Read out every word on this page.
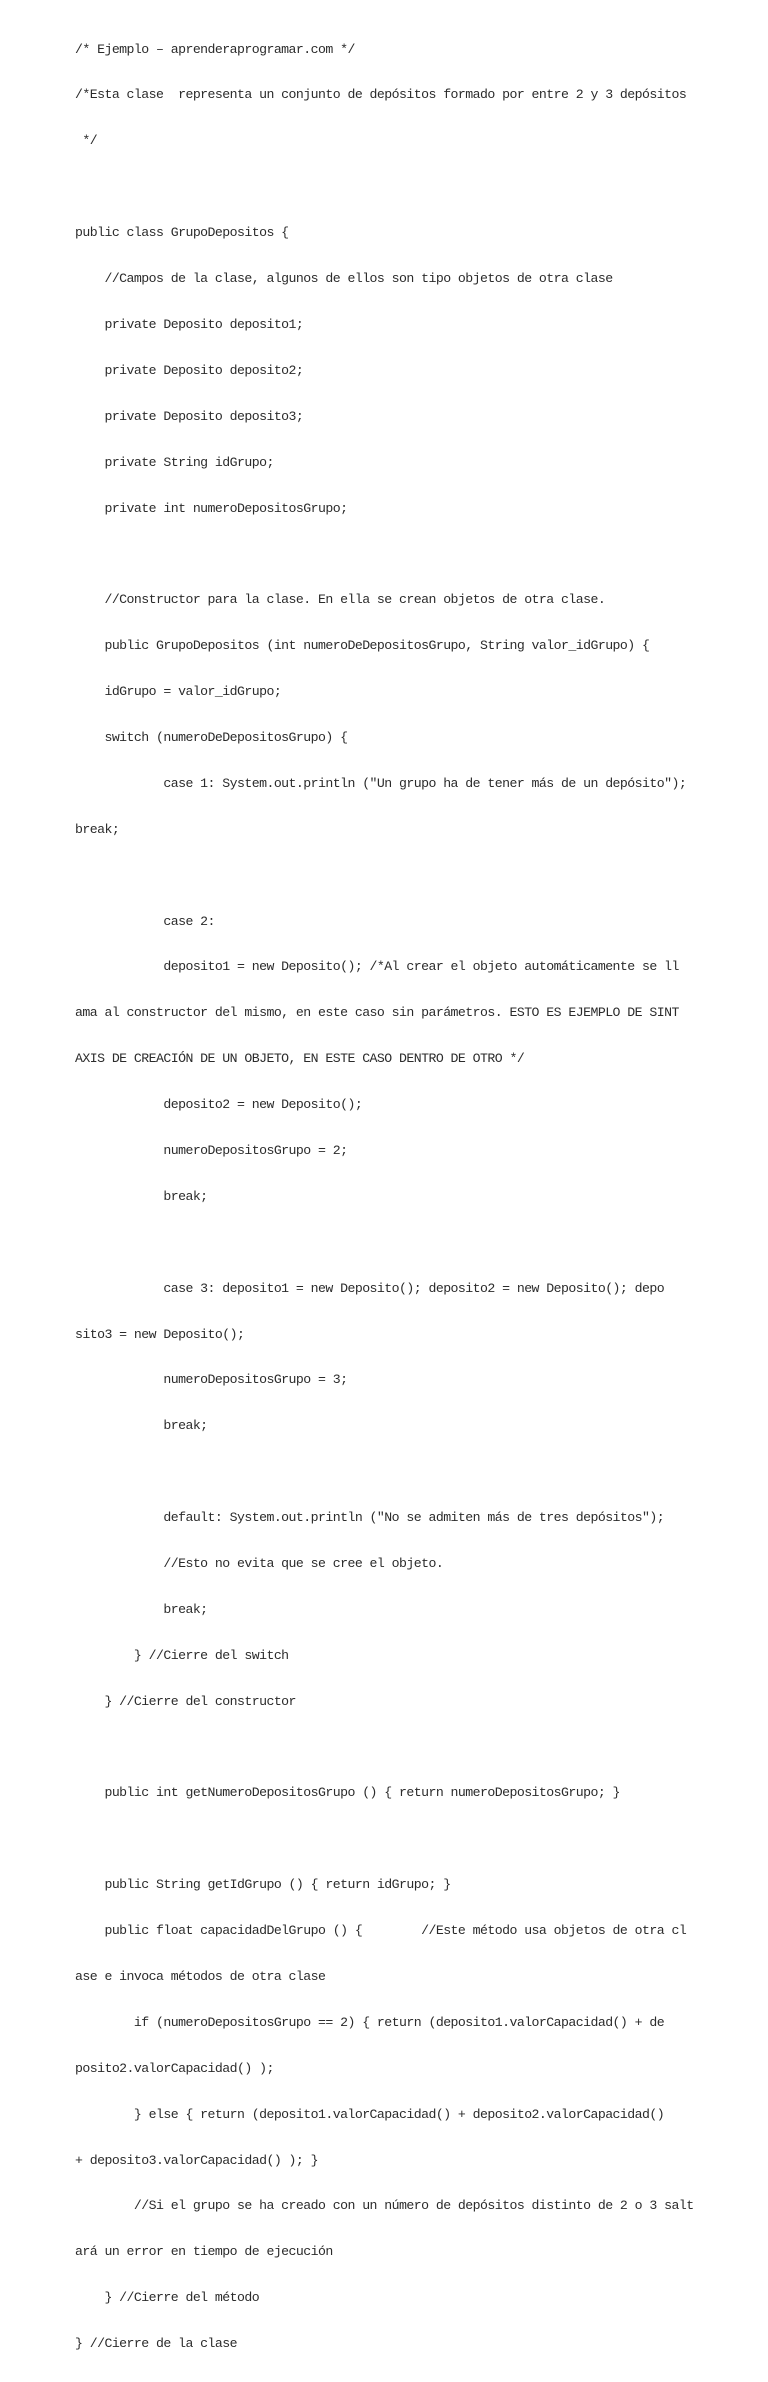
/* Ejemplo – aprenderaprogramar.com */

/*Esta clase  representa un conjunto de depósitos formado por entre 2 y 3 depósitos

*/

public class GrupoDepositos {

//Campos de la clase, algunos de ellos son tipo objetos de otra clase

private Deposito deposito1;

private Deposito deposito2;

private Deposito deposito3;

private String idGrupo;

private int numeroDepositosGrupo;

//Constructor para la clase. En ella se crean objetos de otra clase.

public GrupoDepositos (int numeroDeDepositosGrupo, String valor_idGrupo) {

idGrupo = valor_idGrupo;

switch (numeroDeDepositosGrupo) {

case 1: System.out.println ("Un grupo ha de tener más de un depósito");

break;

case 2:

deposito1 = new Deposito(); /*Al crear el objeto automáticamente se ll

ama al constructor del mismo, en este caso sin parámetros. ESTO ES EJEMPLO DE SINT

AXIS DE CREACIÓN DE UN OBJETO, EN ESTE CASO DENTRO DE OTRO */

deposito2 = new Deposito();

numeroDepositosGrupo = 2;

break;

case 3: deposito1 = new Deposito(); deposito2 = new Deposito(); depo

sito3 = new Deposito();

numeroDepositosGrupo = 3;

break;

default: System.out.println ("No se admiten más de tres depósitos");

//Esto no evita que se cree el objeto.

break;

} //Cierre del switch

} //Cierre del constructor

public int getNumeroDepositosGrupo () { return numeroDepositosGrupo; }

public String getIdGrupo () { return idGrupo; }

public float capacidadDelGrupo () {        //Este método usa objetos de otra cl

ase e invoca métodos de otra clase

if (numeroDepositosGrupo == 2) { return (deposito1.valorCapacidad() + de

posito2.valorCapacidad() );

} else { return (deposito1.valorCapacidad() + deposito2.valorCapacidad()

+ deposito3.valorCapacidad() ); }

//Si el grupo se ha creado con un número de depósitos distinto de 2 o 3 salt

ará un error en tiempo de ejecución

} //Cierre del método

} //Cierre de la clase
